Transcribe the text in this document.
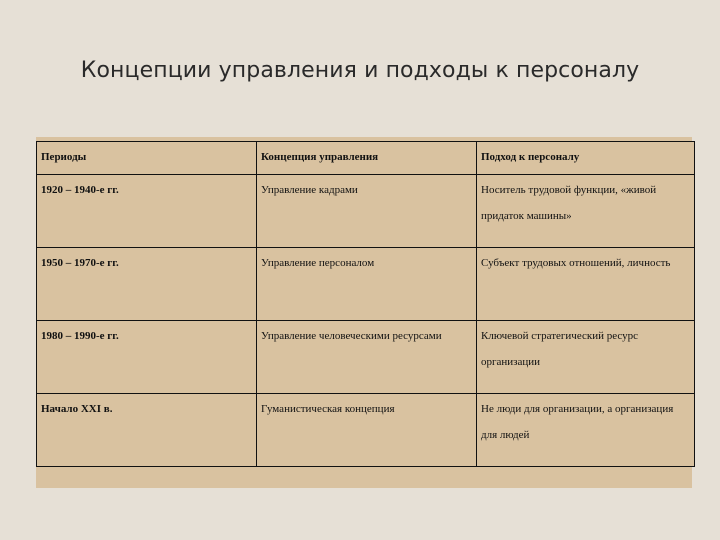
Концепции управления и подходы к персоналу
Периоды	Концепция управления	Подход к персоналу
1920 – 1940-е гг.	Управление кадрами	Носитель трудовой функции, «живой придаток машины»
1950 – 1970-е гг.	Управление персоналом	Субъект трудовых отношений, личность
1980 – 1990-е гг.	Управление человеческими ресурсами	Ключевой стратегический ресурс организации
Начало XXI в.	Гуманистическая концепция	Не люди для организации, а организация для людей
